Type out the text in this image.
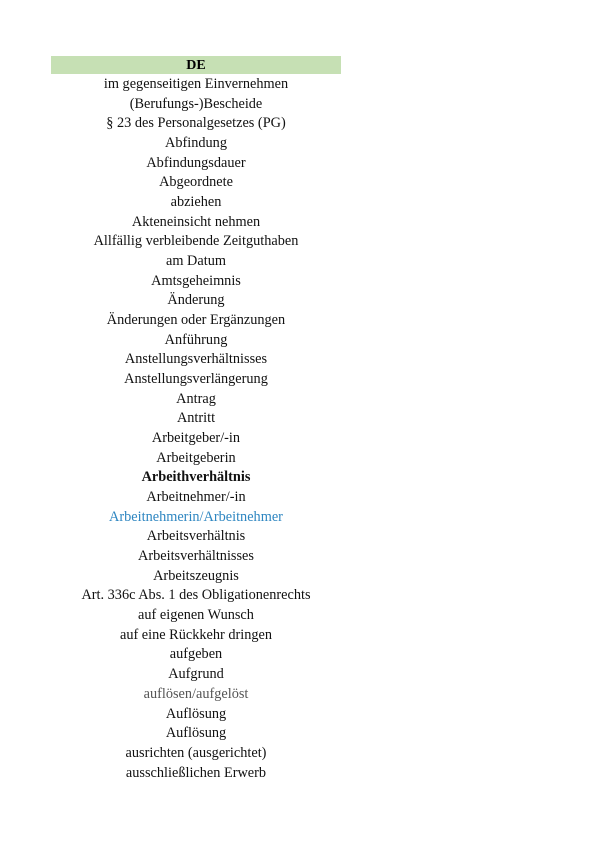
DE
im gegenseitigen Einvernehmen
(Berufungs-)Bescheide
§ 23 des Personalgesetzes (PG)
Abfindung
Abfindungsdauer
Abgeordnete
abziehen
Akteneinsicht nehmen
Allfällig verbleibende Zeitguthaben
am Datum
Amtsgeheimnis
Änderung
Änderungen oder Ergänzungen
Anführung
Anstellungsverhältnisses
Anstellungsverlängerung
Antrag
Antritt
Arbeitgeber/-in
Arbeitgeberin
Arbeithverhältnis
Arbeitnehmer/-in
Arbeitnehmerin/Arbeitnehmer
Arbeitsverhältnis
Arbeitsverhältnisses
Arbeitszeugnis
Art. 336c Abs. 1 des Obligationenrechts
auf eigenen Wunsch
auf eine Rückkehr dringen
aufgeben
Aufgrund
auflösen/aufgelöst
Auflösung
Auflösung
ausrichten (ausgerichtet)
ausschließlichen Erwerb
